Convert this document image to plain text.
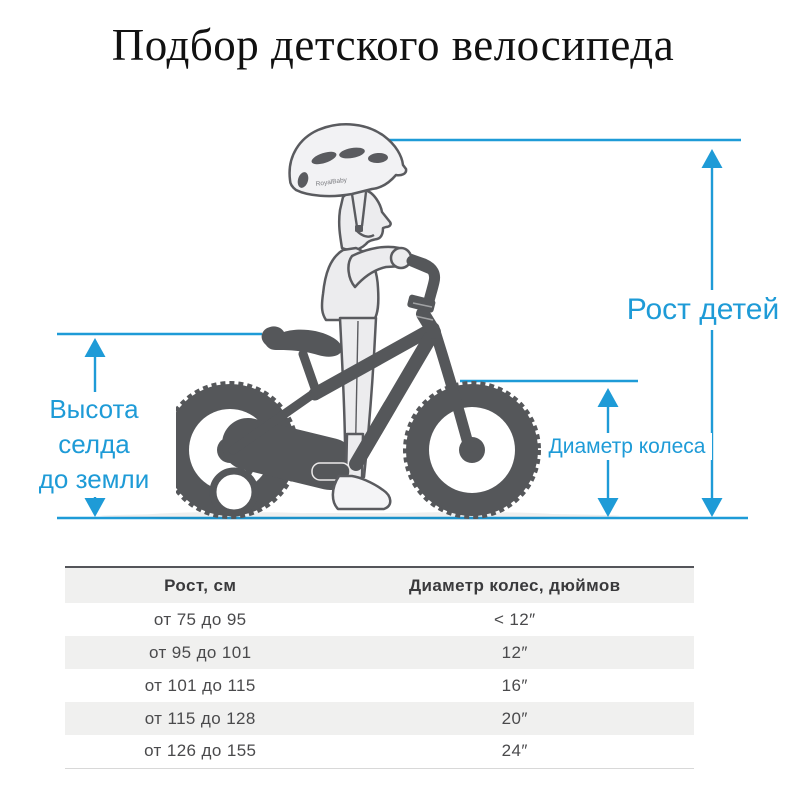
Подбор детского велосипеда
RoyalBaby
Высота селда
до земли
Диаметр колеса
Рост детей
Рост, см	Диаметр колес, дюймов
от 75 до 95	< 12″
от 95 до 101	12″
от 101 до 115	16″
от 115 до 128	20″
от 126 до 155	24″
